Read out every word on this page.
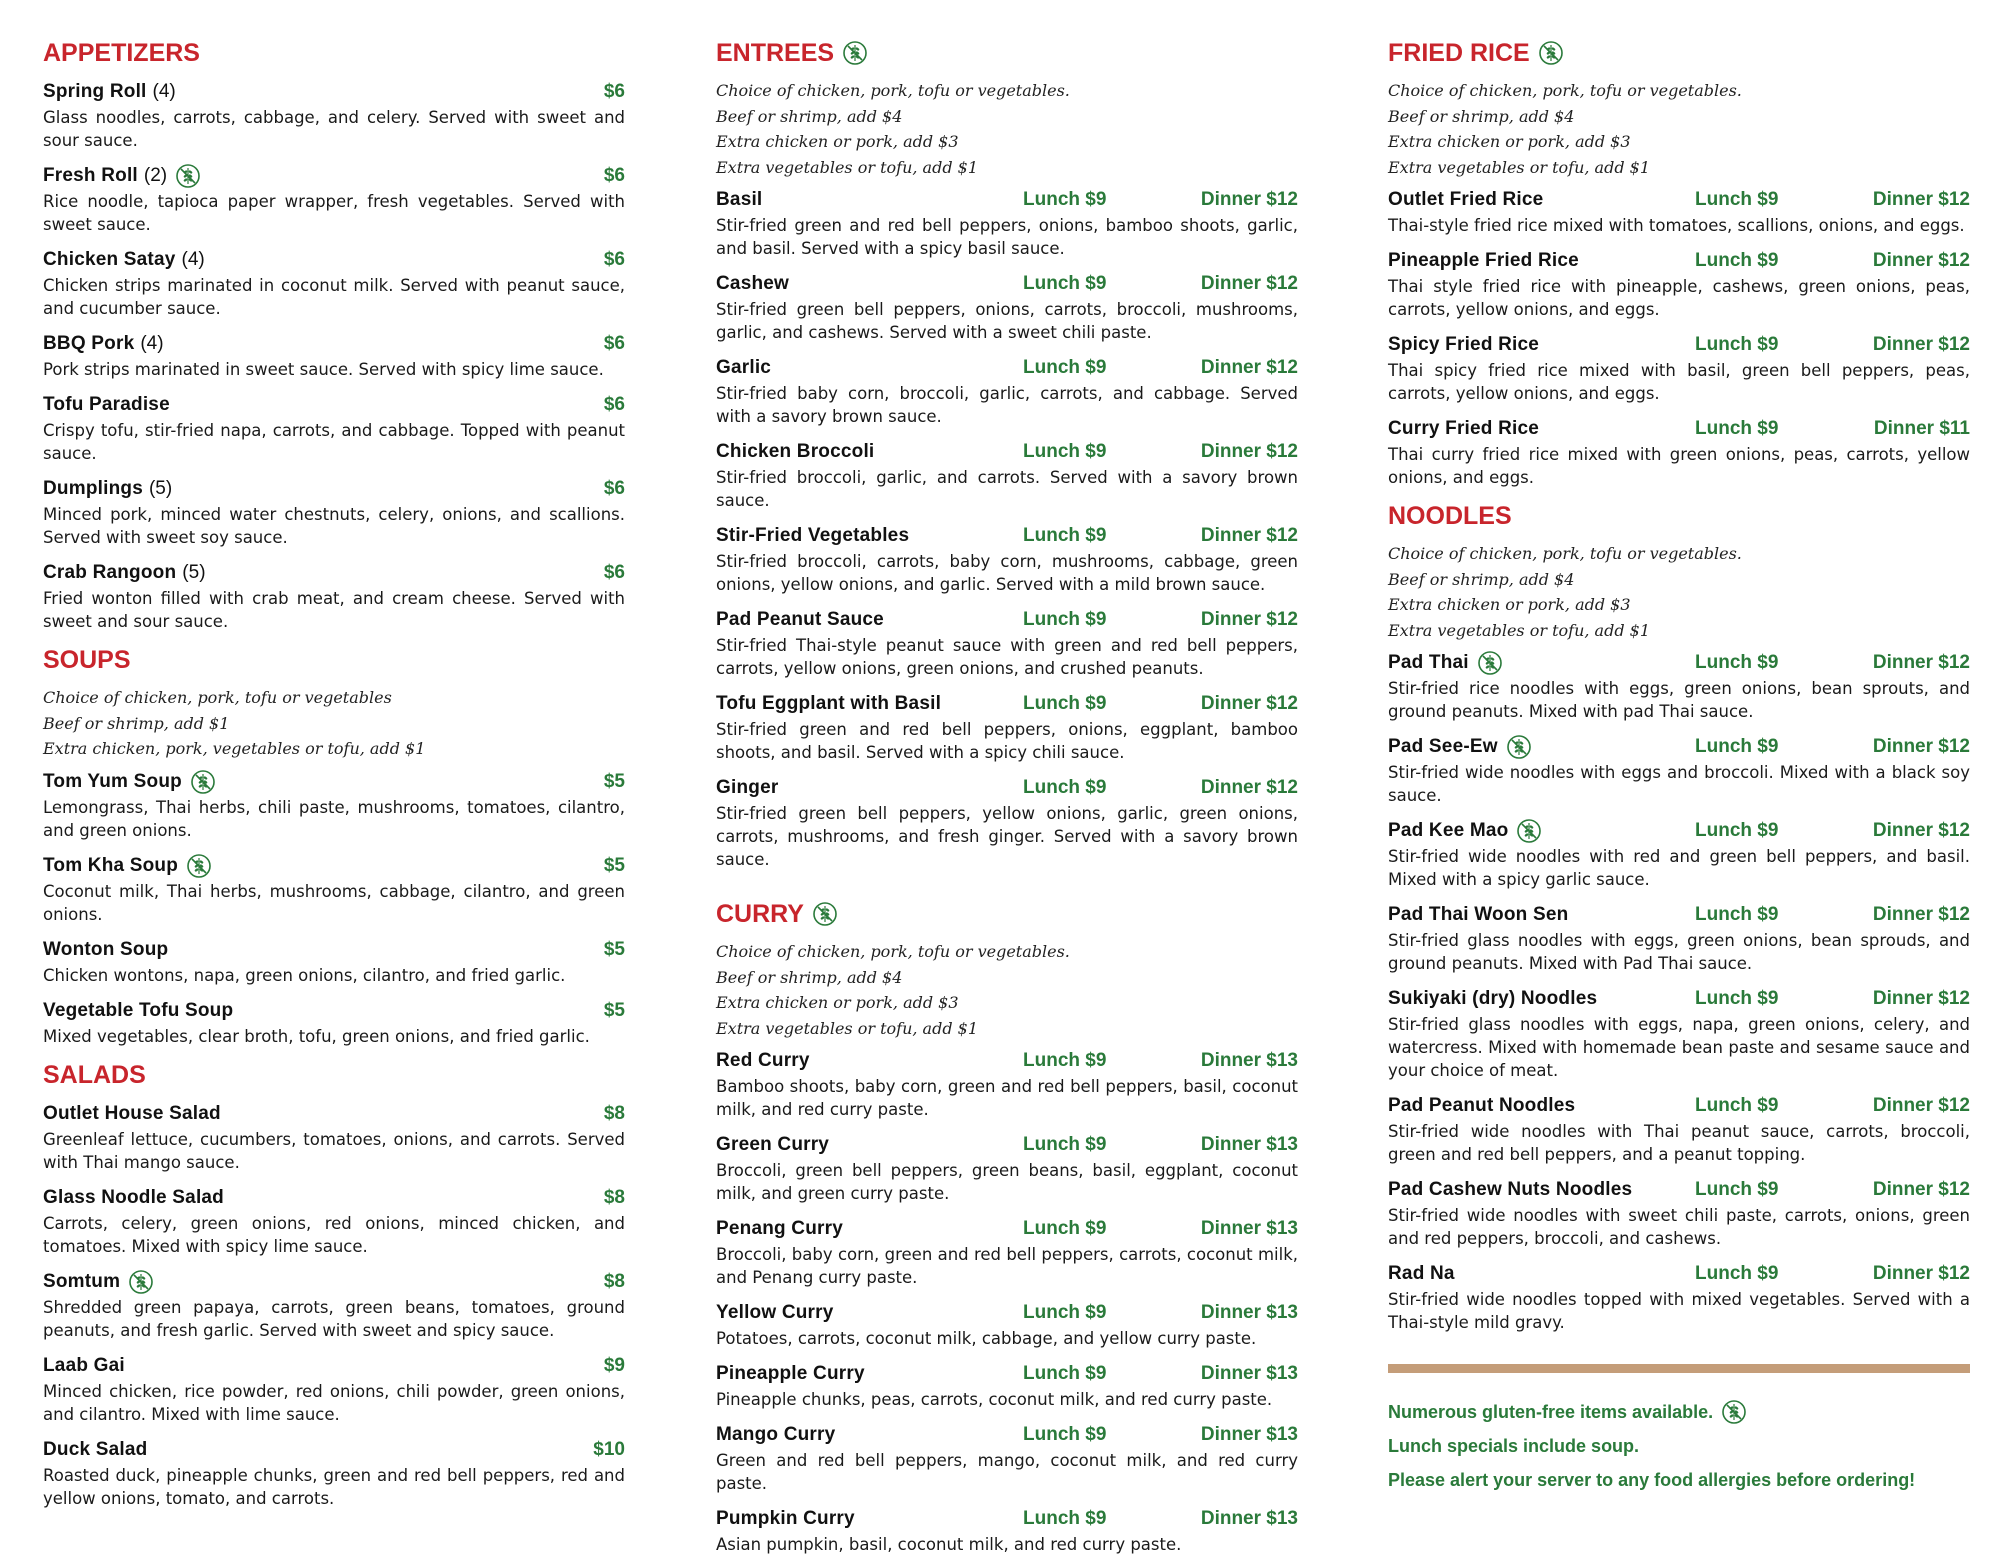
APPETIZERS
Spring Roll (4)	$6
Glass noodles, carrots, cabbage, and celery. Served with sweet and sour sauce.
Fresh Roll (2)	$6
Rice noodle, tapioca paper wrapper, fresh vegetables. Served with sweet sauce.
Chicken Satay (4)	$6
Chicken strips marinated in coconut milk. Served with peanut sauce, and cucumber sauce.
BBQ Pork (4)	$6
Pork strips marinated in sweet sauce. Served with spicy lime sauce.
Tofu Paradise	$6
Crispy tofu, stir-fried napa, carrots, and cabbage. Topped with peanut sauce.
Dumplings (5)	$6
Minced pork, minced water chestnuts, celery, onions, and scallions. Served with sweet soy sauce.
Crab Rangoon (5)	$6
Fried wonton filled with crab meat, and cream cheese. Served with sweet and sour sauce.
SOUPS
Choice of chicken, pork, tofu or vegetables
Beef or shrimp, add $1
Extra chicken, pork, vegetables or tofu, add $1
Tom Yum Soup	$5
Lemongrass, Thai herbs, chili paste, mushrooms, tomatoes, cilantro, and green onions.
Tom Kha Soup	$5
Coconut milk, Thai herbs, mushrooms, cabbage, cilantro, and green onions.
Wonton Soup	$5
Chicken wontons, napa, green onions, cilantro, and fried garlic.
Vegetable Tofu Soup	$5
Mixed vegetables, clear broth, tofu, green onions, and fried garlic.
SALADS
Outlet House Salad	$8
Greenleaf lettuce, cucumbers, tomatoes, onions, and carrots. Served with Thai mango sauce.
Glass Noodle Salad	$8
Carrots, celery, green onions, red onions, minced chicken, and tomatoes. Mixed with spicy lime sauce.
Somtum	$8
Shredded green papaya, carrots, green beans, tomatoes, ground peanuts, and fresh garlic. Served with sweet and spicy sauce.
Laab Gai	$9
Minced chicken, rice powder, red onions, chili powder, green onions, and cilantro. Mixed with lime sauce.
Duck Salad	$10
Roasted duck, pineapple chunks, green and red bell peppers, red and yellow onions, tomato, and carrots.
ENTREES
Choice of chicken, pork, tofu or vegetables.
Beef or shrimp, add $4
Extra chicken or pork, add $3
Extra vegetables or tofu, add $1
Basil	Lunch $9	Dinner $12
Stir-fried green and red bell peppers, onions, bamboo shoots, garlic, and basil. Served with a spicy basil sauce.
Cashew	Lunch $9	Dinner $12
Stir-fried green bell peppers, onions, carrots, broccoli, mushrooms, garlic, and cashews. Served with a sweet chili paste.
Garlic	Lunch $9	Dinner $12
Stir-fried baby corn, broccoli, garlic, carrots, and cabbage. Served with a savory brown sauce.
Chicken Broccoli	Lunch $9	Dinner $12
Stir-fried broccoli, garlic, and carrots. Served with a savory brown sauce.
Stir-Fried Vegetables	Lunch $9	Dinner $12
Stir-fried broccoli, carrots, baby corn, mushrooms, cabbage, green onions, yellow onions, and garlic. Served with a mild brown sauce.
Pad Peanut Sauce	Lunch $9	Dinner $12
Stir-fried Thai-style peanut sauce with green and red bell peppers, carrots, yellow onions, green onions, and crushed peanuts.
Tofu Eggplant with Basil	Lunch $9	Dinner $12
Stir-fried green and red bell peppers, onions, eggplant, bamboo shoots, and basil. Served with a spicy chili sauce.
Ginger	Lunch $9	Dinner $12
Stir-fried green bell peppers, yellow onions, garlic, green onions, carrots, mushrooms, and fresh ginger. Served with a savory brown sauce.
CURRY
Choice of chicken, pork, tofu or vegetables.
Beef or shrimp, add $4
Extra chicken or pork, add $3
Extra vegetables or tofu, add $1
Red Curry	Lunch $9	Dinner $13
Bamboo shoots, baby corn, green and red bell peppers, basil, coconut milk, and red curry paste.
Green Curry	Lunch $9	Dinner $13
Broccoli, green bell peppers, green beans, basil, eggplant, coconut milk, and green curry paste.
Penang Curry	Lunch $9	Dinner $13
Broccoli, baby corn, green and red bell peppers, carrots, coconut milk, and Penang curry paste.
Yellow Curry	Lunch $9	Dinner $13
Potatoes, carrots, coconut milk, cabbage, and yellow curry paste.
Pineapple Curry	Lunch $9	Dinner $13
Pineapple chunks, peas, carrots, coconut milk, and red curry paste.
Mango Curry	Lunch $9	Dinner $13
Green and red bell peppers, mango, coconut milk, and red curry paste.
Pumpkin Curry	Lunch $9	Dinner $13
Asian pumpkin, basil, coconut milk, and red curry paste.
FRIED RICE
Choice of chicken, pork, tofu or vegetables.
Beef or shrimp, add $4
Extra chicken or pork, add $3
Extra vegetables or tofu, add $1
Outlet Fried Rice	Lunch $9	Dinner $12
Thai-style fried rice mixed with tomatoes, scallions, onions, and eggs.
Pineapple Fried Rice	Lunch $9	Dinner $12
Thai style fried rice with pineapple, cashews, green onions, peas, carrots, yellow onions, and eggs.
Spicy Fried Rice	Lunch $9	Dinner $12
Thai spicy fried rice mixed with basil, green bell peppers, peas, carrots, yellow onions, and eggs.
Curry Fried Rice	Lunch $9	Dinner $11
Thai curry fried rice mixed with green onions, peas, carrots, yellow onions, and eggs.
NOODLES
Choice of chicken, pork, tofu or vegetables.
Beef or shrimp, add $4
Extra chicken or pork, add $3
Extra vegetables or tofu, add $1
Pad Thai	Lunch $9	Dinner $12
Stir-fried rice noodles with eggs, green onions, bean sprouts, and ground peanuts. Mixed with pad Thai sauce.
Pad See-Ew	Lunch $9	Dinner $12
Stir-fried wide noodles with eggs and broccoli. Mixed with a black soy sauce.
Pad Kee Mao	Lunch $9	Dinner $12
Stir-fried wide noodles with red and green bell peppers, and basil. Mixed with a spicy garlic sauce.
Pad Thai Woon Sen	Lunch $9	Dinner $12
Stir-fried glass noodles with eggs, green onions, bean sprouds, and ground peanuts. Mixed with Pad Thai sauce.
Sukiyaki (dry) Noodles	Lunch $9	Dinner $12
Stir-fried glass noodles with eggs, napa, green onions, celery, and watercress. Mixed with homemade bean paste and sesame sauce and your choice of meat.
Pad Peanut Noodles	Lunch $9	Dinner $12
Stir-fried wide noodles with Thai peanut sauce, carrots, broccoli, green and red bell peppers, and a peanut topping.
Pad Cashew Nuts Noodles	Lunch $9	Dinner $12
Stir-fried wide noodles with sweet chili paste, carrots, onions, green and red peppers, broccoli, and cashews.
Rad Na	Lunch $9	Dinner $12
Stir-fried wide noodles topped with mixed vegetables. Served with a Thai-style mild gravy.
Numerous gluten-free items available.
Lunch specials include soup.
Please alert your server to any food allergies before ordering!
